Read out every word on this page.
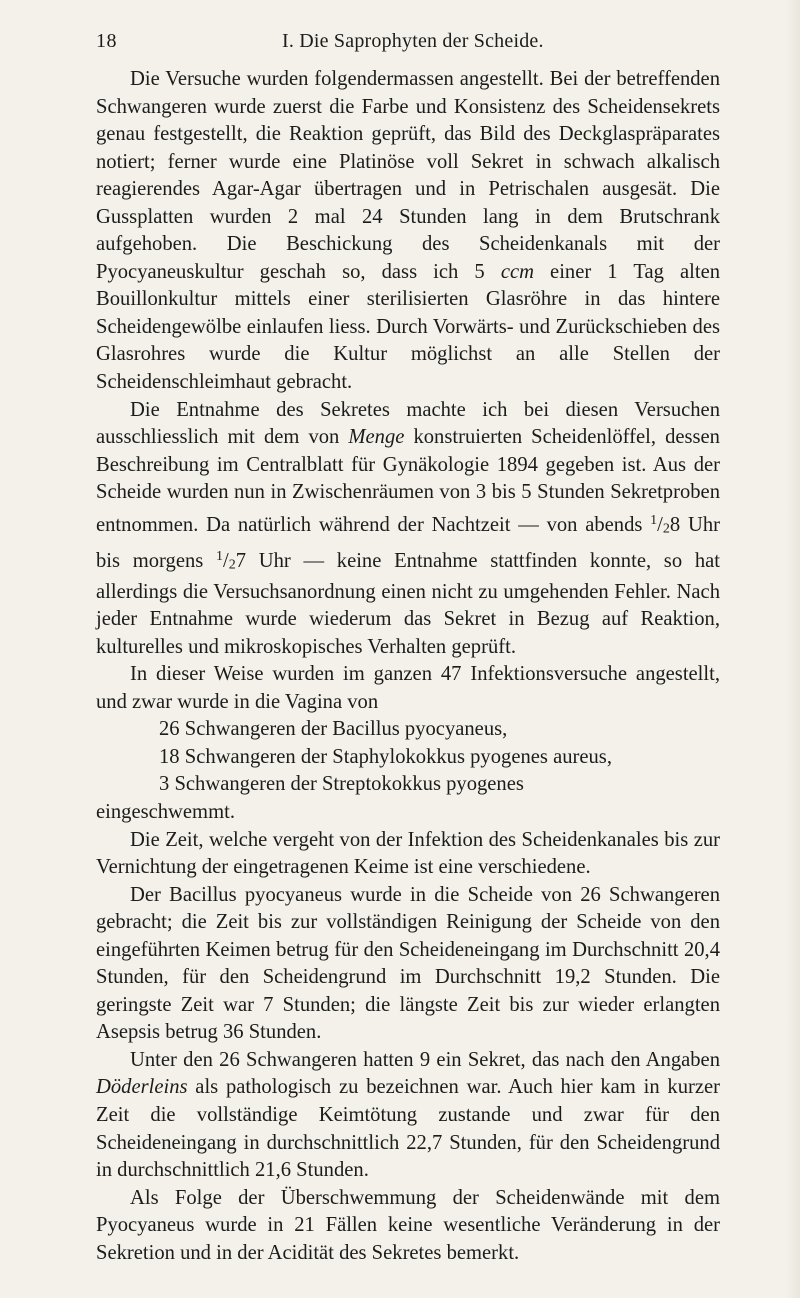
18	I. Die Saprophyten der Scheide.

Die Versuche wurden folgendermassen angestellt. Bei der betreffenden Schwangeren wurde zuerst die Farbe und Konsistenz des Scheidensekrets genau festgestellt, die Reaktion geprüft, das Bild des Deckglaspräparates notiert; ferner wurde eine Platinöse voll Sekret in schwach alkalisch reagierendes Agar-Agar übertragen und in Petrischalen ausgesät. Die Gussplatten wurden 2 mal 24 Stunden lang in dem Brutschrank aufgehoben. Die Beschickung des Scheidenkanals mit der Pyocyaneuskultur geschah so, dass ich 5 ccm einer 1 Tag alten Bouillonkultur mittels einer sterilisierten Glasröhre in das hintere Scheidengewölbe einlaufen liess. Durch Vorwärts- und Zurückschieben des Glasrohres wurde die Kultur möglichst an alle Stellen der Scheidenschleimhaut gebracht.

Die Entnahme des Sekretes machte ich bei diesen Versuchen ausschliesslich mit dem von Menge konstruierten Scheidenlöffel, dessen Beschreibung im Centralblatt für Gynäkologie 1894 gegeben ist. Aus der Scheide wurden nun in Zwischenräumen von 3 bis 5 Stunden Sekretproben entnommen. Da natürlich während der Nachtzeit — von abends $^1$/28 Uhr bis morgens $^1$/27 Uhr — keine Entnahme stattfinden konnte, so hat allerdings die Versuchsanordnung einen nicht zu umgehenden Fehler. Nach jeder Entnahme wurde wiederum das Sekret in Bezug auf Reaktion, kulturelles und mikroskopisches Verhalten geprüft.

In dieser Weise wurden im ganzen 47 Infektionsversuche angestellt, und zwar wurde in die Vagina von

26 Schwangeren der Bacillus pyocyaneus,
18 Schwangeren der Staphylokokkus pyogenes aureus,
3 Schwangeren der Streptokokkus pyogenes

eingeschwemmt.

Die Zeit, welche vergeht von der Infektion des Scheidenkanales bis zur Vernichtung der eingetragenen Keime ist eine verschiedene.

Der Bacillus pyocyaneus wurde in die Scheide von 26 Schwangeren gebracht; die Zeit bis zur vollständigen Reinigung der Scheide von den eingeführten Keimen betrug für den Scheideneingang im Durchschnitt 20,4 Stunden, für den Scheidengrund im Durchschnitt 19,2 Stunden. Die geringste Zeit war 7 Stunden; die längste Zeit bis zur wieder erlangten Asepsis betrug 36 Stunden.

Unter den 26 Schwangeren hatten 9 ein Sekret, das nach den Angaben Döderleins als pathologisch zu bezeichnen war. Auch hier kam in kurzer Zeit die vollständige Keimtötung zustande und zwar für den Scheideneingang in durchschnittlich 22,7 Stunden, für den Scheidengrund in durchschnittlich 21,6 Stunden.

Als Folge der Überschwemmung der Scheidenwände mit dem Pyocyaneus wurde in 21 Fällen keine wesentliche Veränderung in der Sekretion und in der Acidität des Sekretes bemerkt.
